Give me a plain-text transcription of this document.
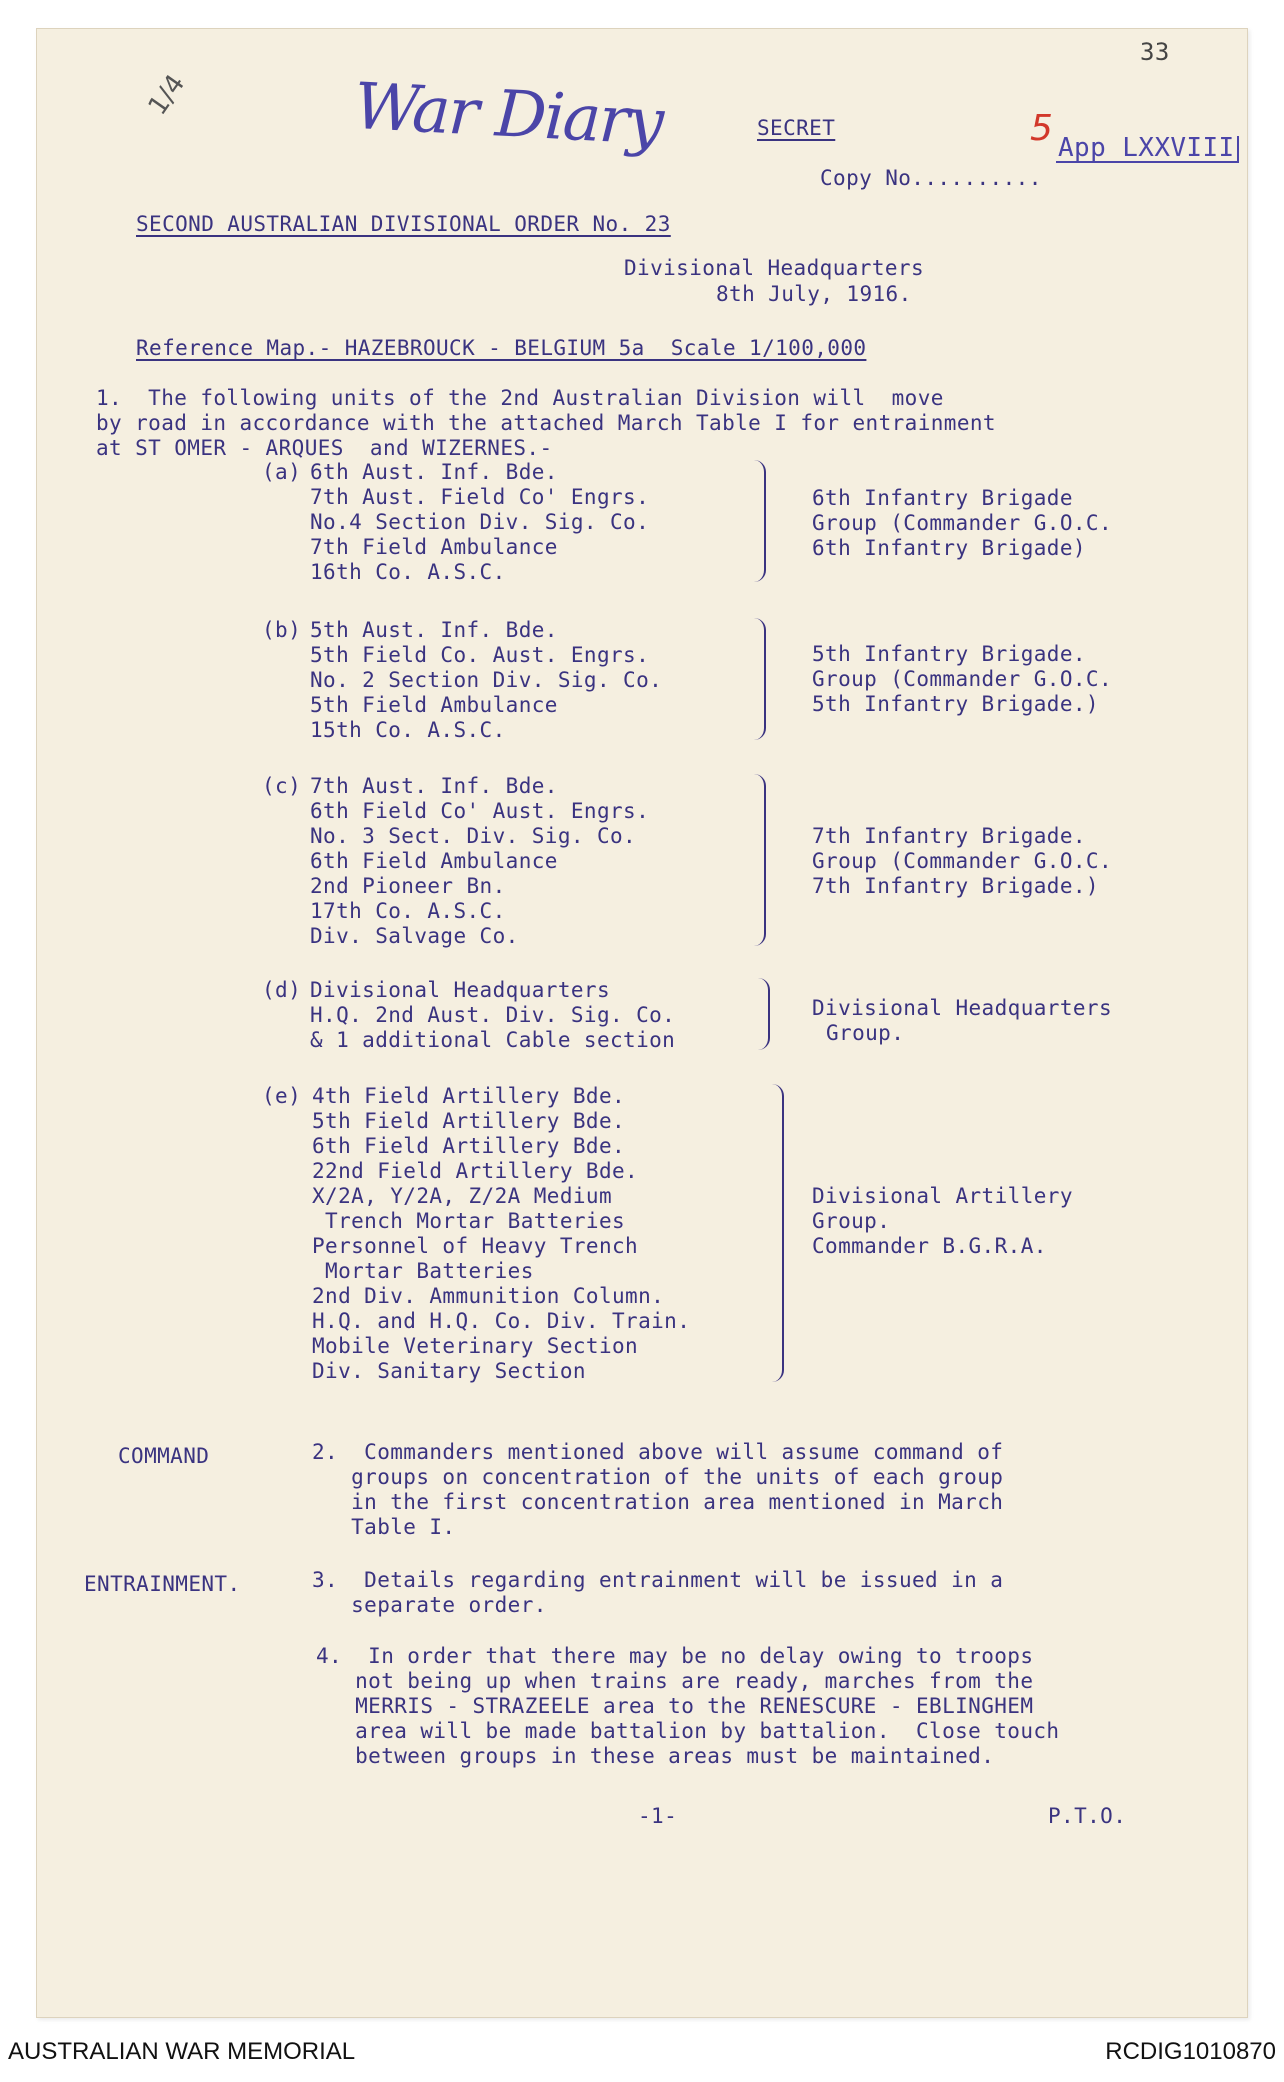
1/4	War Diary
33
5 App LXXVIII
SECRET
Copy No..........
SECOND AUSTRALIAN DIVISIONAL ORDER No. 23
Divisional Headquarters
8th July, 1916.
Reference Map.- HAZEBROUCK - BELGIUM 5a  Scale 1/100,000
1.  The following units of the 2nd Australian Division will  move
by road in accordance with the attached March Table I for entrainment
at ST OMER - ARQUES  and WIZERNES.-
(a) 6th Aust. Inf. Bde.
7th Aust. Field Co' Engrs.
No.4 Section Div. Sig. Co.
7th Field Ambulance
16th Co. A.S.C.
6th Infantry Brigade
Group (Commander G.O.C.
6th Infantry Brigade)
(b) 5th Aust. Inf. Bde.
5th Field Co. Aust. Engrs.
No. 2 Section Div. Sig. Co.
5th Field Ambulance
15th Co. A.S.C.
5th Infantry Brigade.
Group (Commander G.O.C.
5th Infantry Brigade.)
(c) 7th Aust. Inf. Bde.
6th Field Co' Aust. Engrs.
No. 3 Sect. Div. Sig. Co.
6th Field Ambulance
2nd Pioneer Bn.
17th Co. A.S.C.
Div. Salvage Co.
7th Infantry Brigade.
Group (Commander G.O.C.
7th Infantry Brigade.)
(d) Divisional Headquarters
H.Q. 2nd Aust. Div. Sig. Co.
& 1 additional Cable section
Divisional Headquarters
Group.
(e) 4th Field Artillery Bde.
5th Field Artillery Bde.
6th Field Artillery Bde.
22nd Field Artillery Bde.
X/2A, Y/2A, Z/2A Medium
Trench Mortar Batteries
Personnel of Heavy Trench
Mortar Batteries
2nd Div. Ammunition Column.
H.Q. and H.Q. Co. Div. Train.
Mobile Veterinary Section
Div. Sanitary Section
Divisional Artillery
Group.
Commander B.G.R.A.
COMMAND	2.  Commanders mentioned above will assume command of
groups on concentration of the units of each group
in the first concentration area mentioned in March
Table I.
ENTRAINMENT.	3.  Details regarding entrainment will be issued in a
separate order.
4.  In order that there may be no delay owing to troops
not being up when trains are ready, marches from the
MERRIS - STRAZEELE area to the RENESCURE - EBLINGHEM
area will be made battalion by battalion.  Close touch
between groups in these areas must be maintained.
-1-	P.T.O.
AUSTRALIAN WAR MEMORIAL	RCDIG1010870
